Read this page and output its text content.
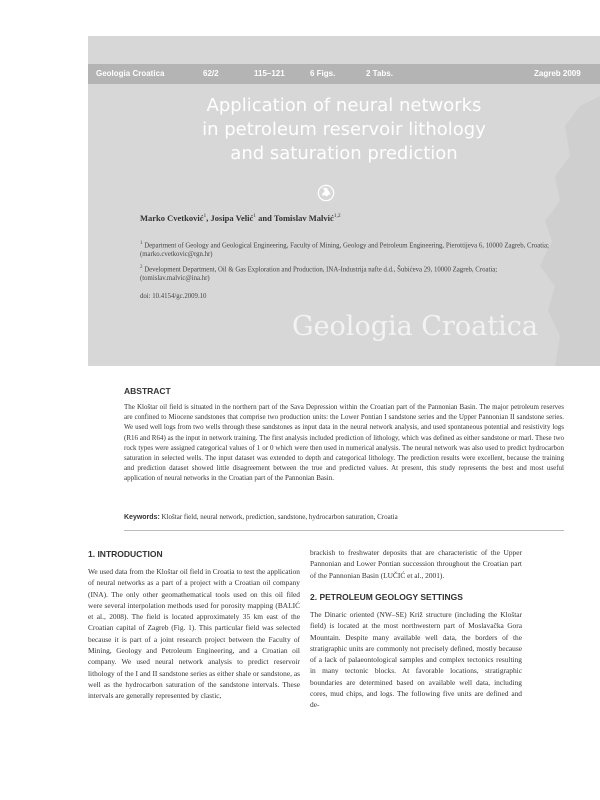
Geologia Croatica	62/2	115–121	6 Figs.	2 Tabs.	Zagreb 2009
Application of neural networks
in petroleum reservoir lithology
and saturation prediction
Marko Cvetković$^1$, Josipa Velić$^1$ and Tomislav Malvić$^{1,2}$
$^1$ Department of Geology and Geological Engineering, Faculty of Mining, Geology and Petroleum Engineering, Pierottijeva 6, 10000 Zagreb, Croatia; (marko.cvetkovic@rgn.hr)
$^2$ Development Department, Oil & Gas Exploration and Production, INA-Industrija nafte d.d., Šubićeva 29, 10000 Zagreb, Croatia; (tomislav.malvic@ina.hr)
doi: 10.4154/gc.2009.10
Geologia Croatica
ABSTRACT
The Kloštar oil field is situated in the northern part of the Sava Depression within the Croatian part of the Pannonian Basin. The major petroleum reserves are confined to Miocene sandstones that comprise two production units: the Lower Pontian I sandstone series and the Upper Pannonian II sandstone series. We used well logs from two wells through these sandstones as input data in the neural network analysis, and used spontaneous potential and resistivity logs (R16 and R64) as the input in network training. The first analysis included prediction of lithology, which was defined as either sandstone or marl. These two rock types were assigned categorical values of 1 or 0 which were then used in numerical analysis. The neural network was also used to predict hydrocarbon saturation in selected wells. The input dataset was extended to depth and categorical lithology. The prediction results were excellent, because the training and prediction dataset showed little disagreement between the true and predicted values. At present, this study represents the best and most useful application of neural networks in the Croatian part of the Pannonian Basin.
Keywords: Kloštar field, neural network, prediction, sandstone, hydrocarbon saturation, Croatia
1. INTRODUCTION

We used data from the Kloštar oil field in Croatia to test the application of neural networks as a part of a project with a Croatian oil company (INA). The only other geomathematical tools used on this oil filed were several interpolation methods used for porosity mapping (BALIĆ et al., 2008). The field is located approximately 35 km east of the Croatian capital of Zagreb (Fig. 1). This particular field was selected because it is part of a joint research project between the Faculty of Mining, Geology and Petroleum Engineering, and a Croatian oil company. We used neural network analysis to predict reservoir lithology of the I and II sandstone series as either shale or sandstone, as well as the hydrocarbon saturation of the sandstone intervals. These intervals are generally represented by clastic,

brackish to freshwater deposits that are characteristic of the Upper Pannonian and Lower Pontian succession throughout the Croatian part of the Pannonian Basin (LUČIĆ et al., 2001).

2. PETROLEUM GEOLOGY SETTINGS

The Dinaric oriented (NW–SE) Križ structure (including the Kloštar field) is located at the most northwestern part of Moslavačka Gora Mountain. Despite many available well data, the borders of the stratigraphic units are commonly not precisely defined, mostly because of a lack of palaeontological samples and complex tectonics resulting in many tectonic blocks. At favorable locations, stratigraphic boundaries are determined based on available well data, including cores, mud chips, and logs. The following five units are defined and de-
